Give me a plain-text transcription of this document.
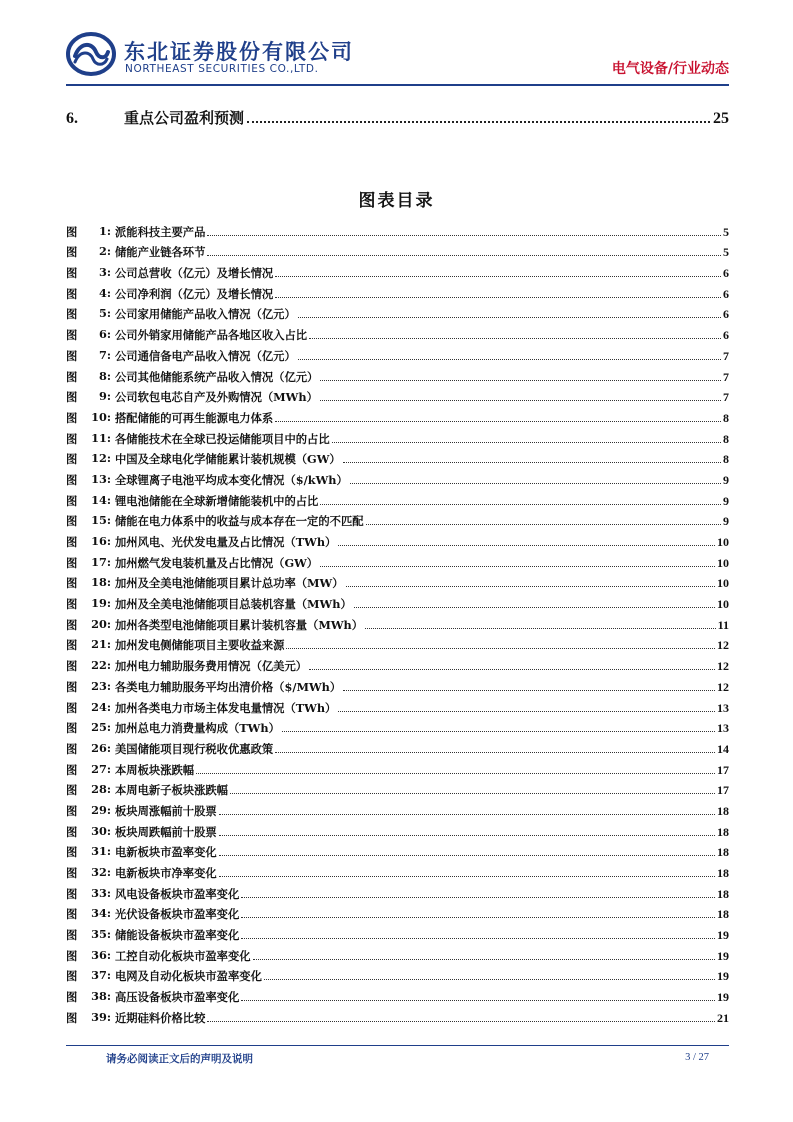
东北证券股份有限公司
NORTHEAST SECURITIES CO.,LTD.	电气设备/行业动态
6.	重点公司盈利预测	25
图表目录
图 1: 派能科技主要产品	5
图 2: 储能产业链各环节	5
图 3: 公司总营收（亿元）及增长情况	6
图 4: 公司净利润（亿元）及增长情况	6
图 5: 公司家用储能产品收入情况（亿元）	6
图 6: 公司外销家用储能产品各地区收入占比	6
图 7: 公司通信备电产品收入情况（亿元）	7
图 8: 公司其他储能系统产品收入情况（亿元）	7
图 9: 公司软包电芯自产及外购情况（MWh）	7
图 10: 搭配储能的可再生能源电力体系	8
图 11: 各储能技术在全球已投运储能项目中的占比	8
图 12: 中国及全球电化学储能累计装机规模（GW）	8
图 13: 全球锂离子电池平均成本变化情况（$/kWh）	9
图 14: 锂电池储能在全球新增储能装机中的占比	9
图 15: 储能在电力体系中的收益与成本存在一定的不匹配	9
图 16: 加州风电、光伏发电量及占比情况（TWh）	10
图 17: 加州燃气发电装机量及占比情况（GW）	10
图 18: 加州及全美电池储能项目累计总功率（MW）	10
图 19: 加州及全美电池储能项目总装机容量（MWh）	10
图 20: 加州各类型电池储能项目累计装机容量（MWh）	11
图 21: 加州发电侧储能项目主要收益来源	12
图 22: 加州电力辅助服务费用情况（亿美元）	12
图 23: 各类电力辅助服务平均出清价格（$/MWh）	12
图 24: 加州各类电力市场主体发电量情况（TWh）	13
图 25: 加州总电力消费量构成（TWh）	13
图 26: 美国储能项目现行税收优惠政策	14
图 27: 本周板块涨跌幅	17
图 28: 本周电新子板块涨跌幅	17
图 29: 板块周涨幅前十股票	18
图 30: 板块周跌幅前十股票	18
图 31: 电新板块市盈率变化	18
图 32: 电新板块市净率变化	18
图 33: 风电设备板块市盈率变化	18
图 34: 光伏设备板块市盈率变化	18
图 35: 储能设备板块市盈率变化	19
图 36: 工控自动化板块市盈率变化	19
图 37: 电网及自动化板块市盈率变化	19
图 38: 高压设备板块市盈率变化	19
图 39: 近期硅料价格比较	21
请务必阅读正文后的声明及说明	3 / 27
